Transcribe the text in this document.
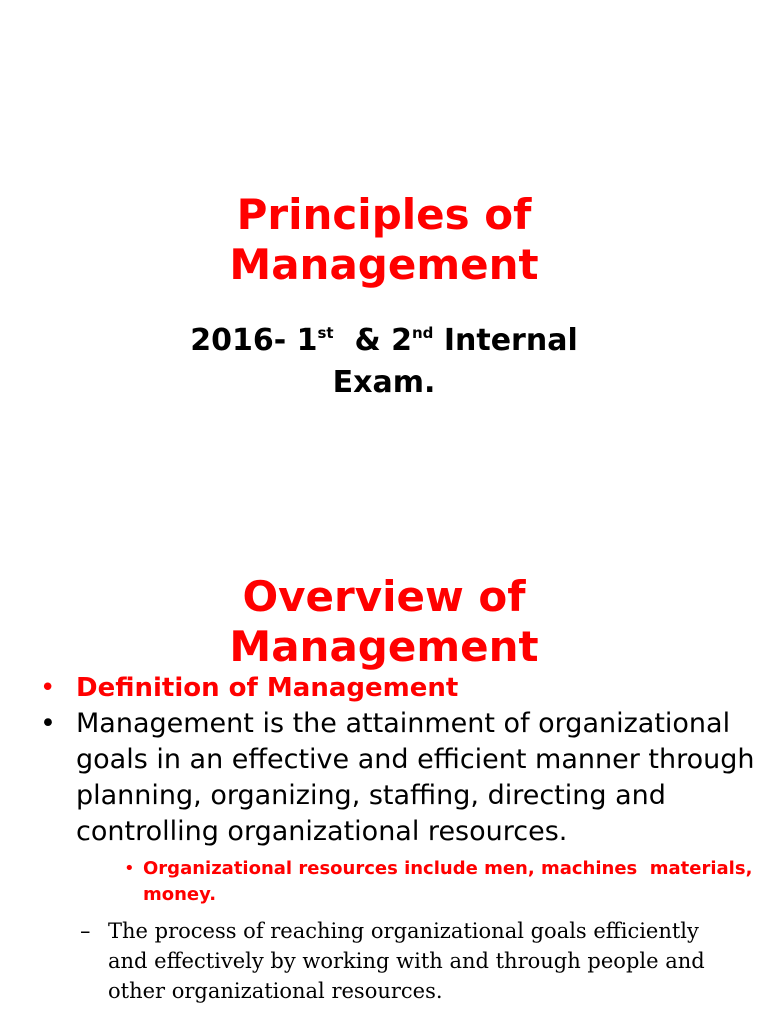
Principles of
Management

2016- 1st  & 2nd Internal
Exam.

Overview of
Management

• Definition of Management
• Management is the attainment of organizational goals in an effective and efficient manner through planning, organizing, staffing, directing and controlling organizational resources.
• Organizational resources include men, machines  materials, money.
– The process of reaching organizational goals efficiently and effectively by working with and through people and other organizational resources.
